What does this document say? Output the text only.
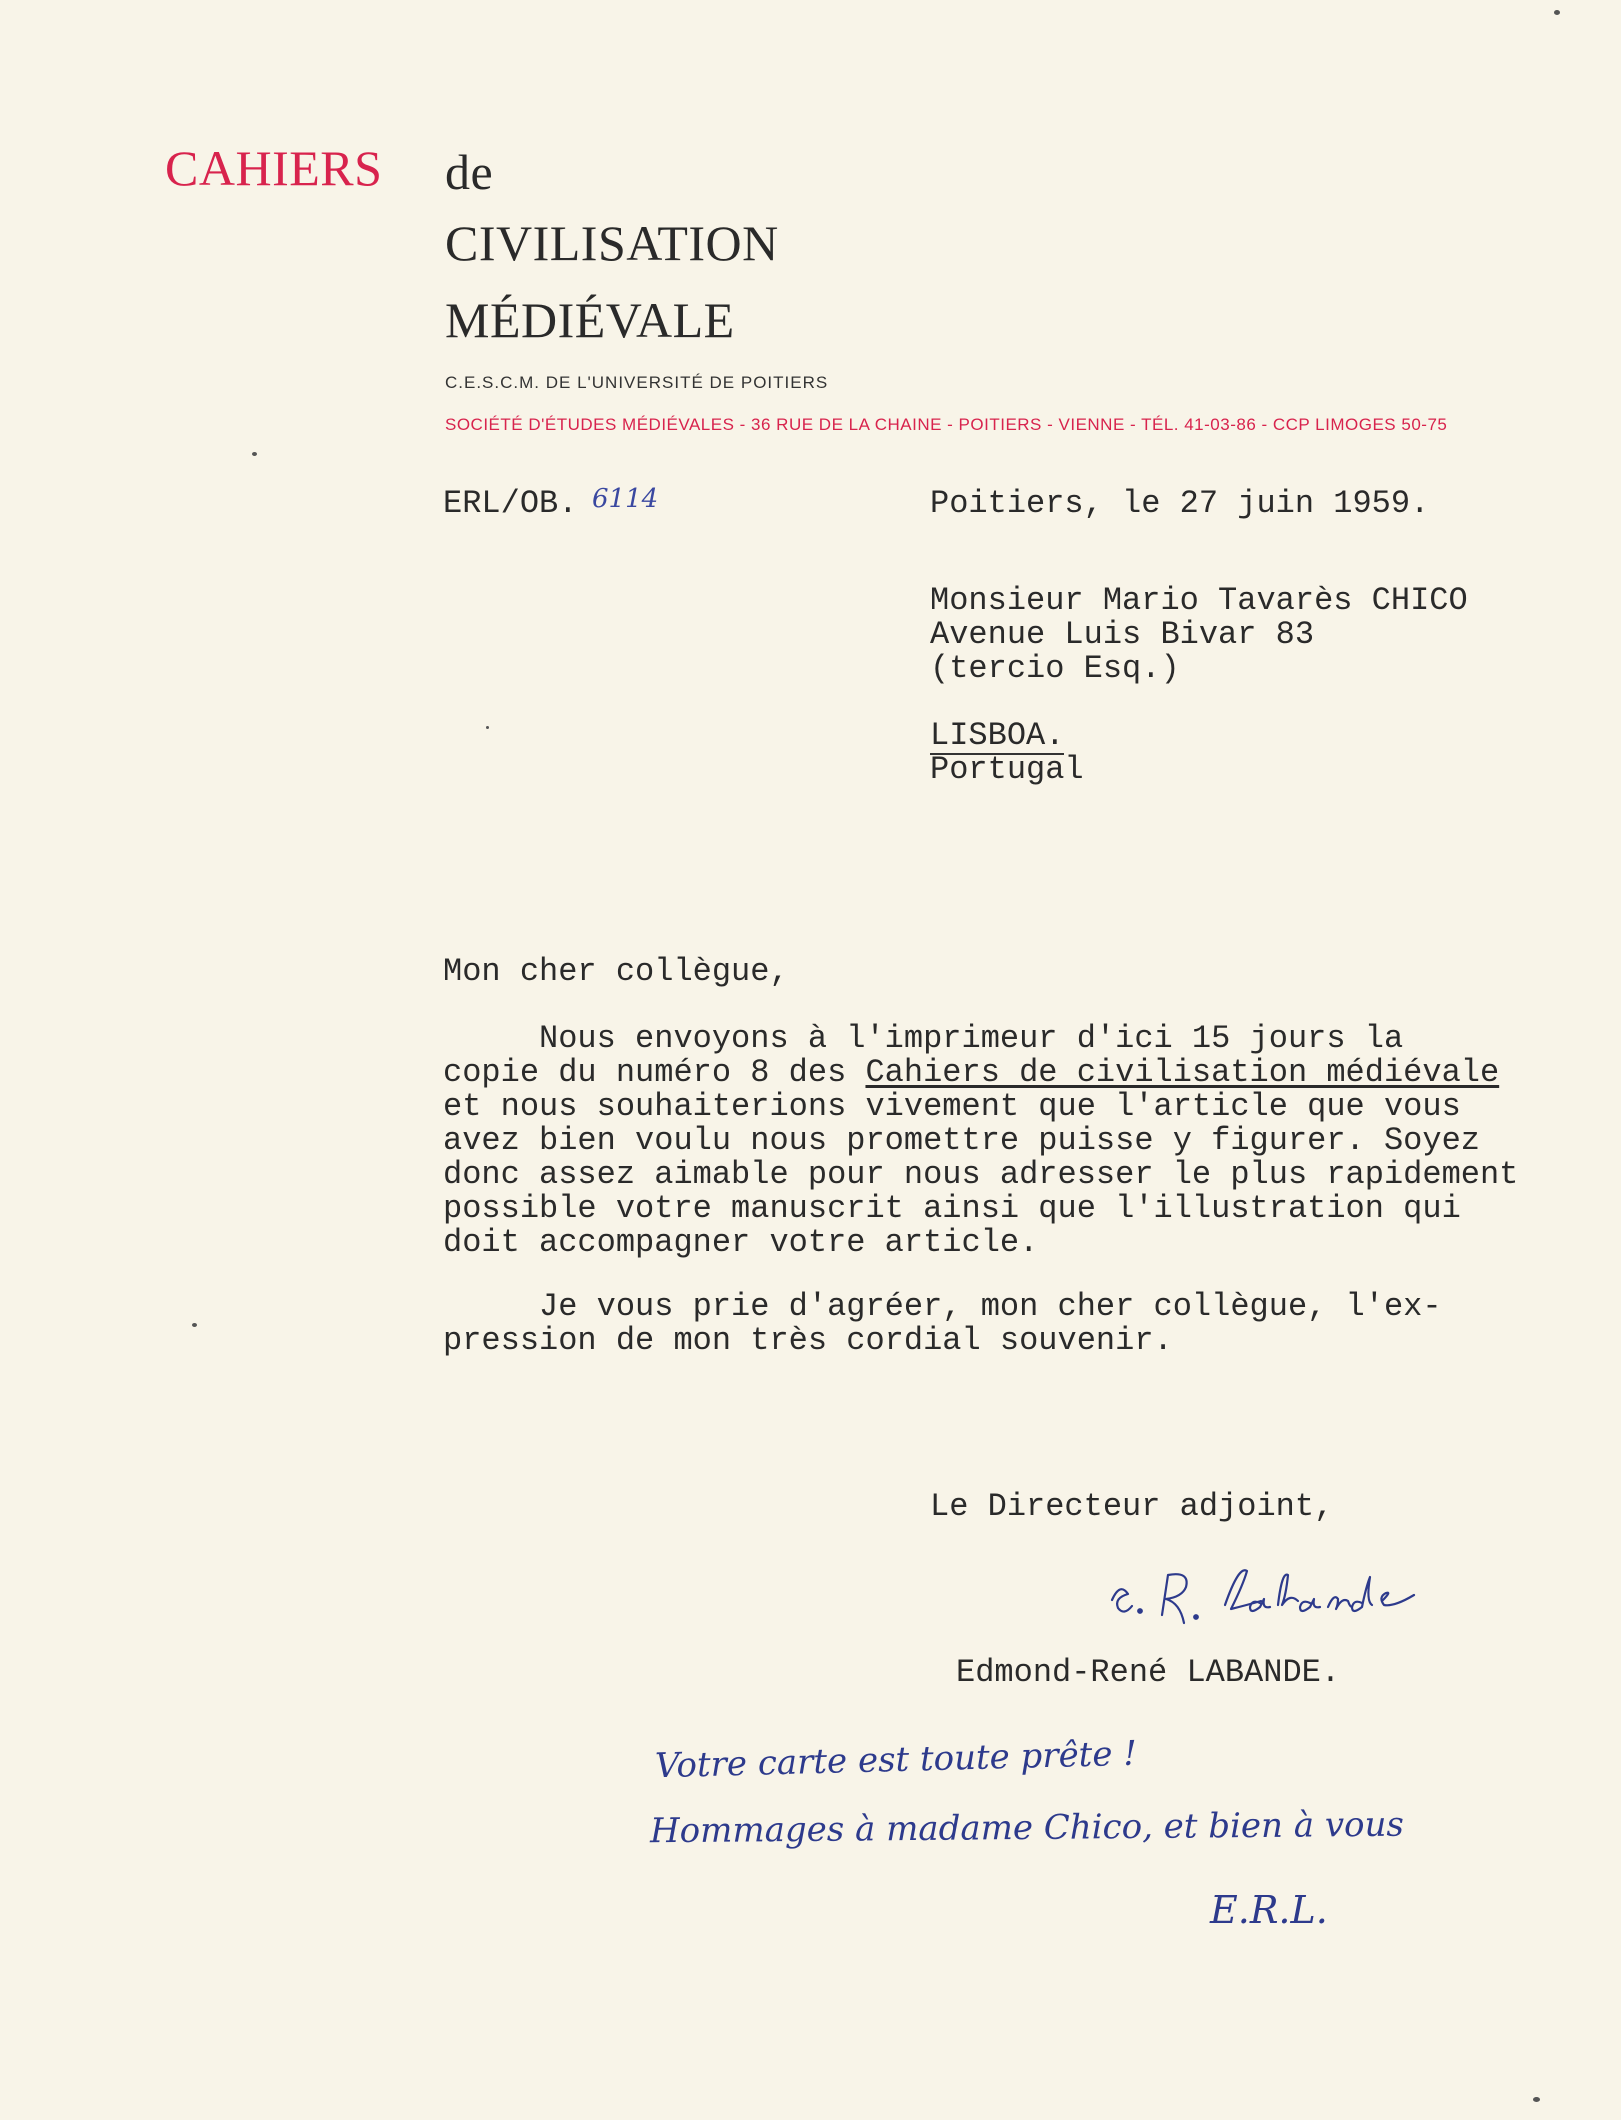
CAHIERS de
CIVILISATION
MÉDIÉVALE
C.E.S.C.M. DE L'UNIVERSITÉ DE POITIERS
SOCIÉTÉ D'ÉTUDES MÉDIÉVALES - 36 RUE DE LA CHAINE - POITIERS - VIENNE - TÉL. 41-03-86 - CCP LIMOGES 50-75
ERL/OB. 6114	Poitiers, le 27 juin 1959.
Monsieur Mario Tavarès CHICO
Avenue Luis Bivar 83
(tercio Esq.)
LISBOA.
Portugal
Mon cher collègue,
Nous envoyons à l'imprimeur d'ici 15 jours la
copie du numéro 8 des Cahiers de civilisation médiévale
et nous souhaiterions vivement que l'article que vous
avez bien voulu nous promettre puisse y figurer. Soyez
donc assez aimable pour nous adresser le plus rapidement
possible votre manuscrit ainsi que l'illustration qui
doit accompagner votre article.
Je vous prie d'agréer, mon cher collègue, l'ex-
pression de mon très cordial souvenir.
Le Directeur adjoint,
Edmond-René LABANDE.
Votre carte est toute prête !
Hommages à madame Chico, et bien à vous
E.R.L.
